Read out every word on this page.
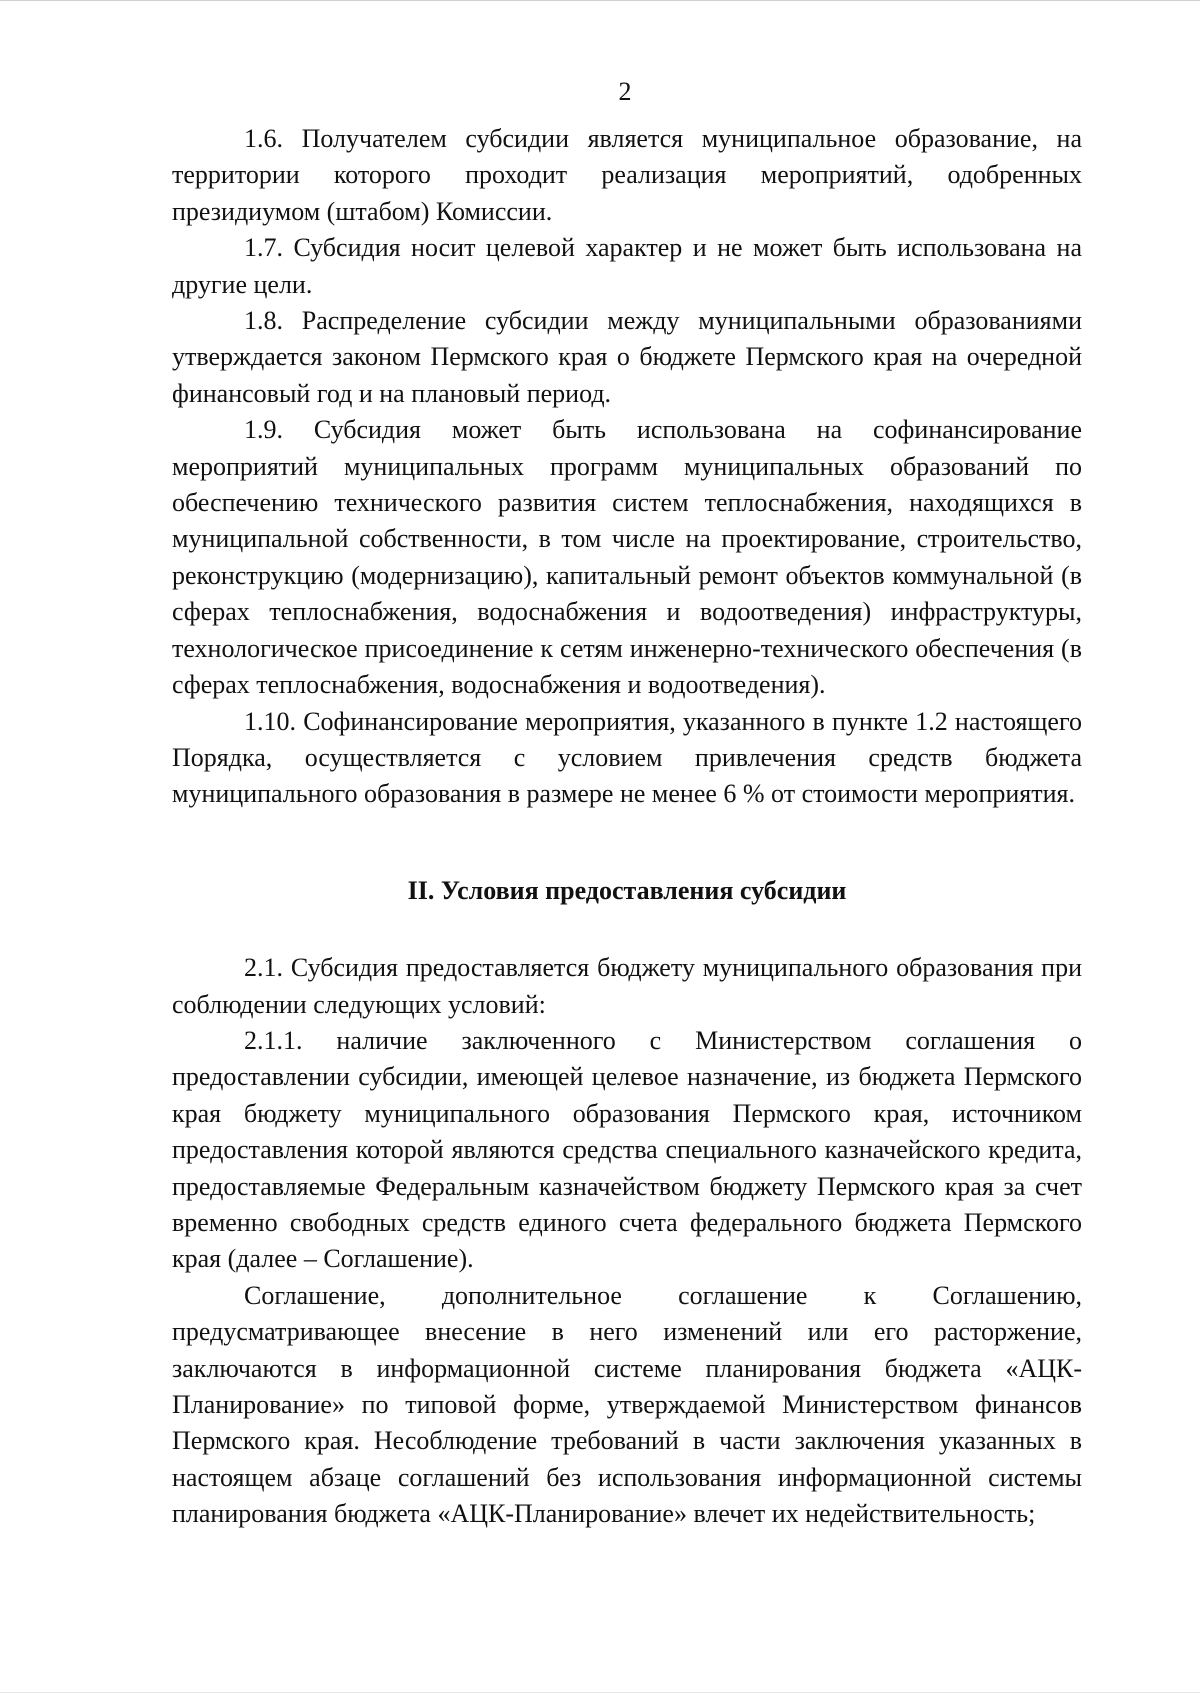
2

1.6. Получателем субсидии является муниципальное образование, на территории которого проходит реализация мероприятий, одобренных президиумом (штабом) Комиссии.

1.7. Субсидия носит целевой характер и не может быть использована на другие цели.

1.8. Распределение субсидии между муниципальными образованиями утверждается законом Пермского края о бюджете Пермского края на очередной финансовый год и на плановый период.

1.9. Субсидия может быть использована на софинансирование мероприятий муниципальных программ муниципальных образований по обеспечению технического развития систем теплоснабжения, находящихся в муниципальной собственности, в том числе на проектирование, строительство, реконструкцию (модернизацию), капитальный ремонт объектов коммунальной (в сферах теплоснабжения, водоснабжения и водоотведения) инфраструктуры, технологическое присоединение к сетям инженерно-технического обеспечения (в сферах теплоснабжения, водоснабжения и водоотведения).

1.10. Софинансирование мероприятия, указанного в пункте 1.2 настоящего Порядка, осуществляется с условием привлечения средств бюджета муниципального образования в размере не менее 6 % от стоимости мероприятия.

II. Условия предоставления субсидии

2.1. Субсидия предоставляется бюджету муниципального образования при соблюдении следующих условий:

2.1.1. наличие заключенного с Министерством соглашения о предоставлении субсидии, имеющей целевое назначение, из бюджета Пермского края бюджету муниципального образования Пермского края, источником предоставления которой являются средства специального казначейского кредита, предоставляемые Федеральным казначейством бюджету Пермского края за счет временно свободных средств единого счета федерального бюджета Пермского края (далее – Соглашение).

Соглашение, дополнительное соглашение к Соглашению, предусматривающее внесение в него изменений или его расторжение, заключаются в информационной системе планирования бюджета «АЦК-Планирование» по типовой форме, утверждаемой Министерством финансов Пермского края. Несоблюдение требований в части заключения указанных в настоящем абзаце соглашений без использования информационной системы планирования бюджета «АЦК-Планирование» влечет их недействительность;
